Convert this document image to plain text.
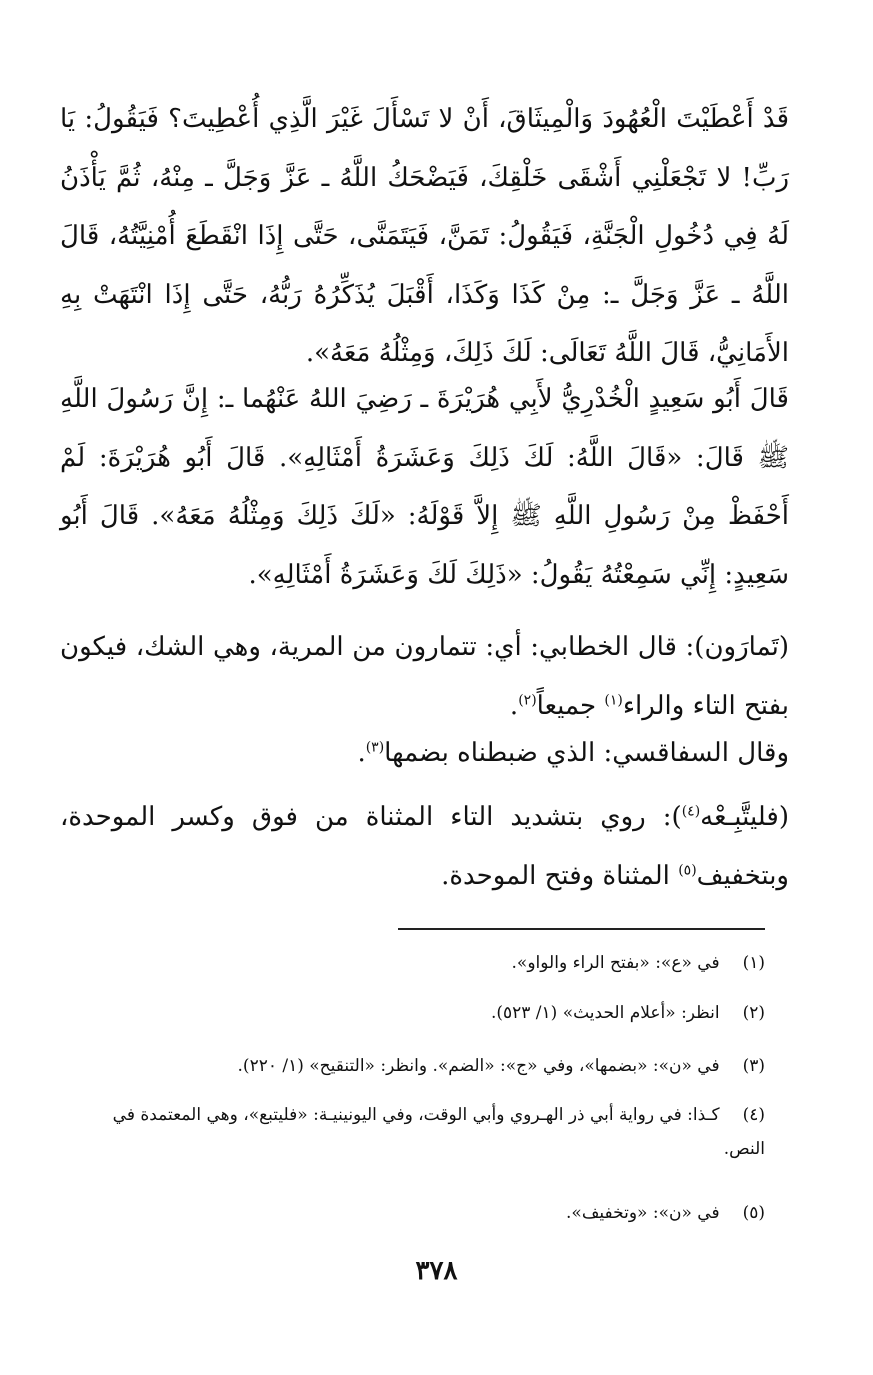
قَدْ أَعْطَيْتَ الْعُهُودَ وَالْمِيثَاقَ، أَنْ لا تَسْأَلَ غَيْرَ الَّذِي أُعْطِيتَ؟ فَيَقُولُ: يَا رَبِّ! لا تَجْعَلْنِي أَشْقَى خَلْقِكَ، فَيَضْحَكُ اللَّهُ ـ عَزَّ وَجَلَّ ـ مِنْهُ، ثُمَّ يَأْذَنُ لَهُ فِي دُخُولِ الْجَنَّةِ، فَيَقُولُ: تَمَنَّ، فَيَتَمَنَّى، حَتَّى إِذَا انْقَطَعَ أُمْنِيَّتُهُ، قَالَ اللَّهُ ـ عَزَّ وَجَلَّ ـ: مِنْ كَذَا وَكَذَا، أَقْبَلَ يُذَكِّرُهُ رَبُّهُ، حَتَّى إِذَا انْتَهَتْ بِهِ الأَمَانِيُّ، قَالَ اللَّهُ تَعَالَى: لَكَ ذَلِكَ، وَمِثْلُهُ مَعَهُ».

قَالَ أَبُو سَعِيدٍ الْخُدْرِيُّ لأَبِي هُرَيْرَةَ ـ رَضِيَ اللهُ عَنْهُما ـ: إِنَّ رَسُولَ اللَّهِ ﷺ قَالَ: «قَالَ اللَّهُ: لَكَ ذَلِكَ وَعَشَرَةُ أَمْثَالِهِ». قَالَ أَبُو هُرَيْرَةَ: لَمْ أَحْفَظْ مِنْ رَسُولِ اللَّهِ ﷺ إِلاَّ قَوْلَهُ: «لَكَ ذَلِكَ وَمِثْلُهُ مَعَهُ». قَالَ أَبُو سَعِيدٍ: إِنِّي سَمِعْتُهُ يَقُولُ: «ذَلِكَ لَكَ وَعَشَرَةُ أَمْثَالِهِ».

(تَمارَون): قال الخطابي: أي: تتمارون من المرية، وهي الشك، فيكون بفتح التاء والراء$^{(١)}$ جميعاً$^{(٢)}$.

وقال السفاقسي: الذي ضبطناه بضمها$^{(٣)}$.

(فليتَّبِـعْه$^{(٤)}$): روي بتشديد التاء المثناة من فوق وكسر الموحدة، وبتخفيف$^{(٥)}$ المثناة وفتح الموحدة.

(١) في «ع»: «بفتح الراء والواو».

(٢) انظر: «أعلام الحديث» (١/ ٥٢٣).

(٣) في «ن»: «بضمها»، وفي «ج»: «الضم». وانظر: «التنقيح» (١/ ٢٢٠).

(٤) كـذا: في رواية أبي ذر الهـروي وأبي الوقت، وفي اليونينيـة: «فليتبع»، وهي المعتمدة في النص.

(٥) في «ن»: «وتخفيف».

٣٧٨
